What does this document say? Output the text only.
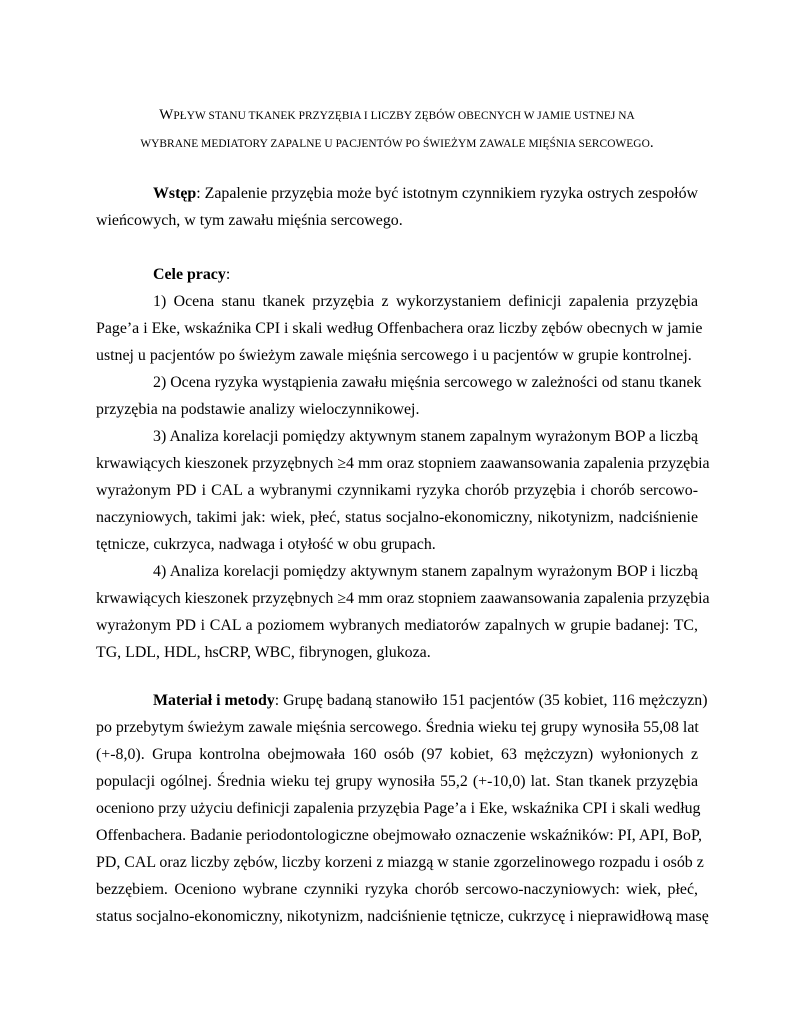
WPŁYW STANU TKANEK PRZYZĘBIA I LICZBY ZĘBÓW OBECNYCH W JAMIE USTNEJ NA
WYBRANE MEDIATORY ZAPALNE U PACJENTÓW PO ŚWIEŻYM ZAWALE MIĘŚNIA SERCOWEGO.
Wstęp: Zapalenie przyzębia może być istotnym czynnikiem ryzyka ostrych zespołów
wieńcowych, w tym zawału mięśnia sercowego.
Cele pracy:
1) Ocena stanu tkanek przyzębia z wykorzystaniem definicji zapalenia przyzębia
Page’a i Eke, wskaźnika CPI i skali według Offenbachera oraz liczby zębów obecnych w jamie
ustnej u pacjentów po świeżym zawale mięśnia sercowego i u pacjentów w grupie kontrolnej.
2) Ocena ryzyka wystąpienia zawału mięśnia sercowego w zależności od stanu tkanek
przyzębia na podstawie analizy wieloczynnikowej.
3) Analiza korelacji pomiędzy aktywnym stanem zapalnym wyrażonym BOP a liczbą
krwawiących kieszonek przyzębnych ≥4 mm oraz stopniem zaawansowania zapalenia przyzębia
wyrażonym PD i CAL a wybranymi czynnikami ryzyka chorób przyzębia i chorób sercowo-
naczyniowych, takimi jak: wiek, płeć, status socjalno-ekonomiczny, nikotynizm, nadciśnienie
tętnicze, cukrzyca, nadwaga i otyłość w obu grupach.
4) Analiza korelacji pomiędzy aktywnym stanem zapalnym wyrażonym BOP i liczbą
krwawiących kieszonek przyzębnych ≥4 mm oraz stopniem zaawansowania zapalenia przyzębia
wyrażonym PD i CAL a poziomem wybranych mediatorów zapalnych w grupie badanej: TC,
TG, LDL, HDL, hsCRP, WBC, fibrynogen, glukoza.
Materiał i metody: Grupę badaną stanowiło 151 pacjentów (35 kobiet, 116 mężczyzn)
po przebytym świeżym zawale mięśnia sercowego. Średnia wieku tej grupy wynosiła 55,08 lat
(+-8,0). Grupa kontrolna obejmowała 160 osób (97 kobiet, 63 mężczyzn) wyłonionych z
populacji ogólnej. Średnia wieku tej grupy wynosiła 55,2 (+-10,0) lat. Stan tkanek przyzębia
oceniono przy użyciu definicji zapalenia przyzębia Page’a i Eke, wskaźnika CPI i skali według
Offenbachera. Badanie periodontologiczne obejmowało oznaczenie wskaźników: PI, API, BoP,
PD, CAL oraz liczby zębów, liczby korzeni z miazgą w stanie zgorzelinowego rozpadu i osób z
bezzębiem. Oceniono wybrane czynniki ryzyka chorób sercowo-naczyniowych: wiek, płeć,
status socjalno-ekonomiczny, nikotynizm, nadciśnienie tętnicze, cukrzycę i nieprawidłową masę
